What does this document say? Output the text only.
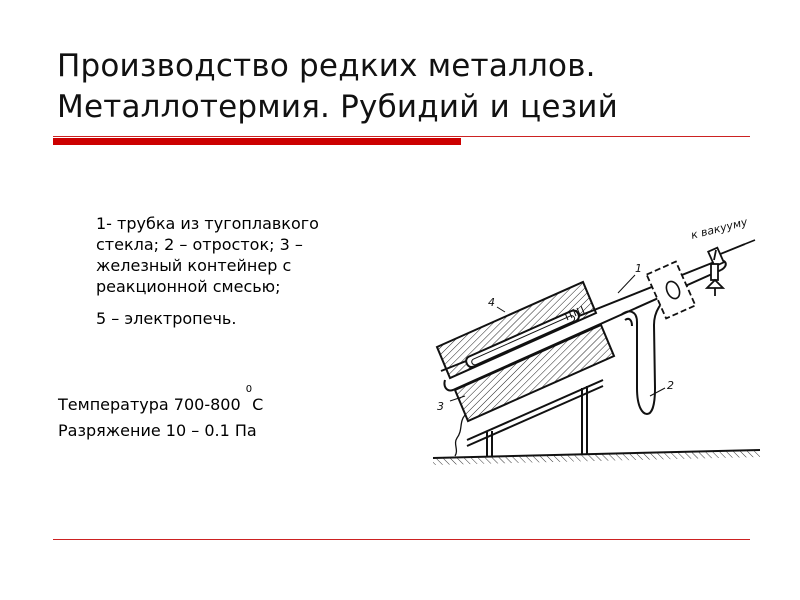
Производство редких металлов.
Металлотермия. Рубидий и цезий

1- трубка из тугоплавкого
стекла; 2 – отросток; 3 –
железный контейнер с
реакционной смесью;

5 – электропечь.

Температура 700-800 $^0$С
Разряжение 10 – 0.1 Па
к вакууму
1
2
3
4
